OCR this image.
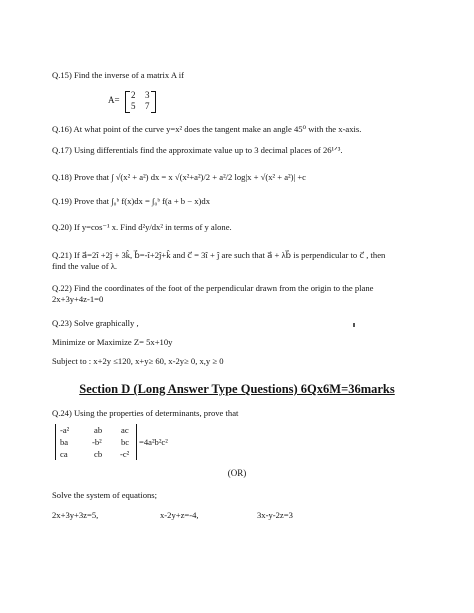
Q.15) Find the inverse of a matrix A if
A= 2 3
5 7
Q.16) At what point of the curve y=x² does the tangent make an angle 45⁰ with the x-axis.
Q.17) Using differentials find the approximate value up to 3 decimal places of 26¹ᐟ³.
Q.18) Prove that ∫ √(x² + a²) dx = x √(x²+a²)/2 + a²/2 log|x + √(x² + a²)| +c
Q.19) Prove that ∫₀ᵇ f(x)dx = ∫₀ᵇ f(a + b − x)dx
Q.20) If y=cos⁻¹ x. Find d²y/dx² in terms of y alone.
Q.21) If a⃗=2î +2ĵ + 3k̂, b⃗=-î+2ĵ+k̂ and c⃗ = 3î + ĵ are such that a⃗ + λb⃗ is perpendicular to c⃗ , then
find the value of λ.
Q.22) Find the coordinates of the foot of the perpendicular drawn from the origin to the plane
2x+3y+4z-1=0
Q.23) Solve graphically ,
Minimize or Maximize Z= 5x+10y
Subject to : x+2y ≤120, x+y≥ 60, x-2y≥ 0, x,y ≥ 0
Section D (Long Answer Type Questions) 6Qx6M=36marks
Q.24) Using the properties of determinants, prove that
-a²	ab ac
ba	-b² bc
ca	cb -c²
=4a²b²c²
(OR)
Solve the system of equations;
2x+3y+3z=5,	x-2y+z=-4,	3x-y-2z=3
